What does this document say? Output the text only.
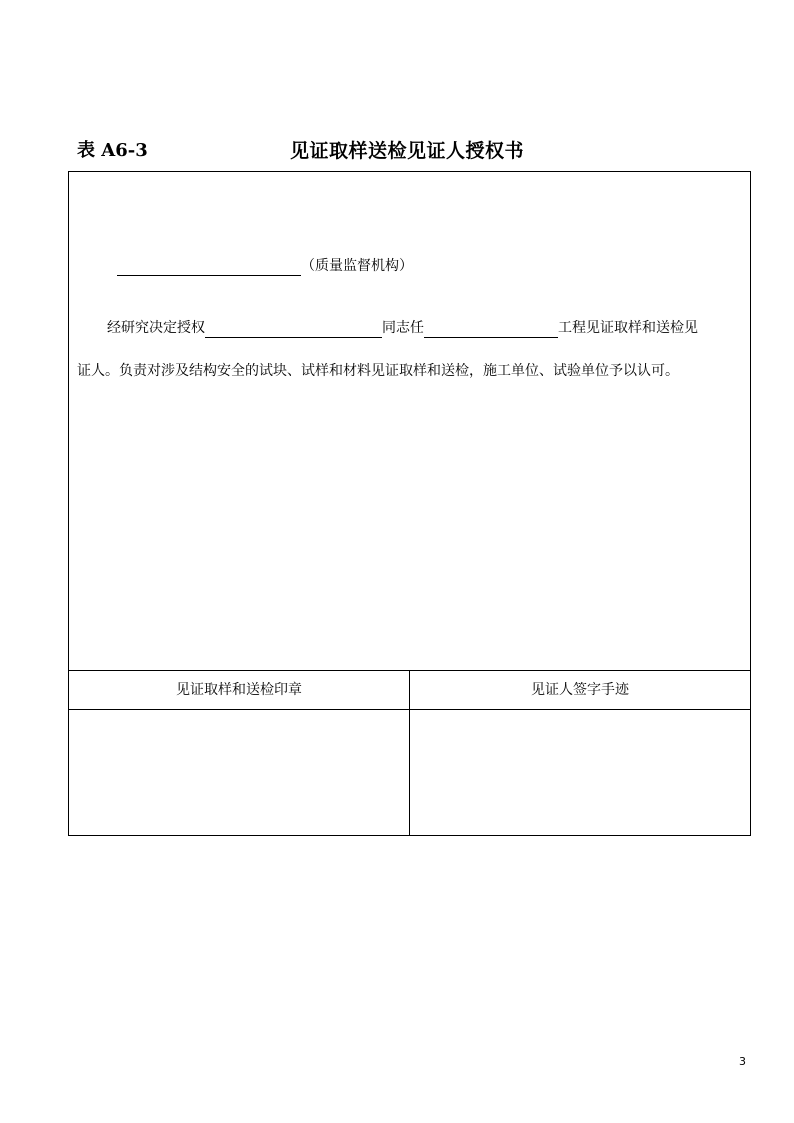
表 A6-3	见证取样送检见证人授权书
（质量监督机构）
经研究决定授权	同志任	工程见证取样和送检见
证人。负责对涉及结构安全的试块、试样和材料见证取样和送检，施工单位、试验单位予以认可。
见证取样和送检印章	见证人签字手迹
3
